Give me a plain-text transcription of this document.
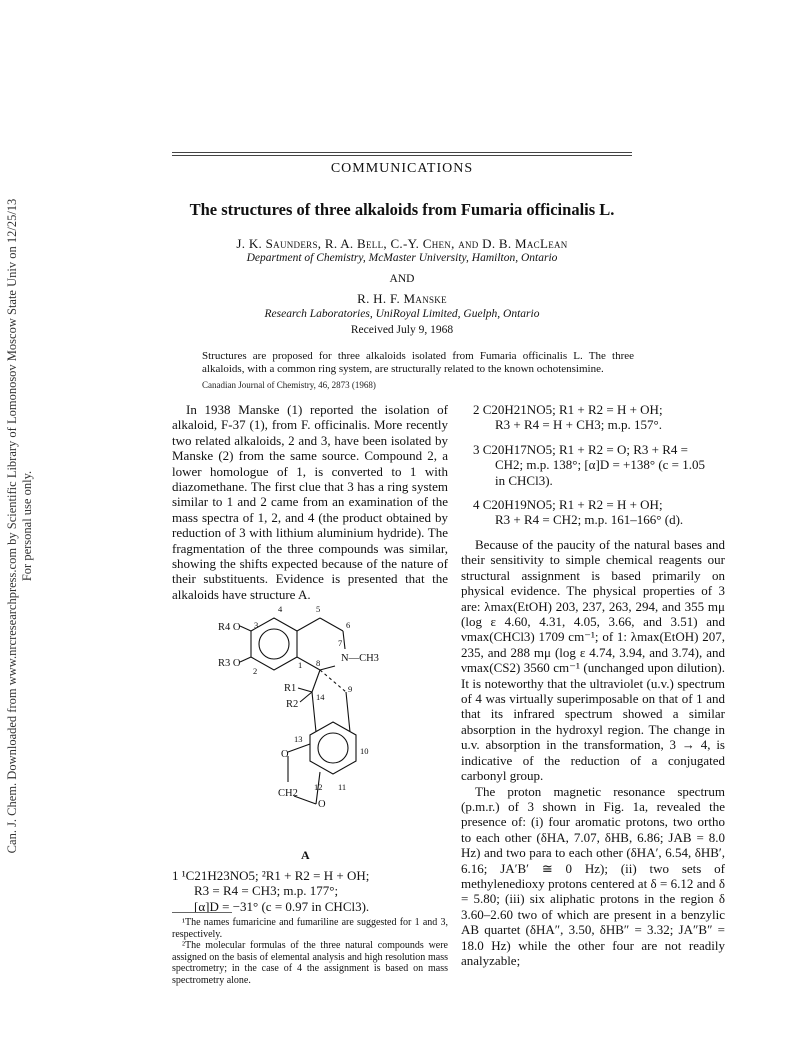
Can. J. Chem. Downloaded from www.nrcresearchpress.com by Scientific Library of Lomonosov Moscow State Univ on 12/25/13 For personal use only.
COMMUNICATIONS
The structures of three alkaloids from Fumaria officinalis L.
J. K. Saunders, R. A. Bell, C.-Y. Chen, and D. B. MacLean
Department of Chemistry, McMaster University, Hamilton, Ontario
AND
R. H. F. Manske
Research Laboratories, UniRoyal Limited, Guelph, Ontario
Received July 9, 1968
Structures are proposed for three alkaloids isolated from Fumaria officinalis L. The three alkaloids, with a common ring system, are structurally related to the known ochotensimine.
Canadian Journal of Chemistry, 46, 2873 (1968)

In 1938 Manske (1) reported the isolation of alkaloid, F-37 (1), from F. officinalis. More recently two related alkaloids, 2 and 3, have been isolated by Manske (2) from the same source. Compound 2, a lower homologue of 1, is converted to 1 with diazomethane. The first clue that 3 has a ring system similar to 1 and 2 came from an examination of the mass spectra of 1, 2, and 4 (the product obtained by reduction of 3 with lithium aluminium hydride). The fragmentation of the three compounds was similar, showing the shifts expected because of the nature of their substituents. Evidence is presented that the alkaloids have structure A.

4	5
3	6
7
8
1
2
9
14
10
11
12
13
R4 O
R3 O	N—CH3
R1
R2
O
CH2
O
A
1 ¹C21H23NO5; ²R1 + R2 = H + OH;
R3 = R4 = CH3; m.p. 177°;
[α]D = −31° (c = 0.97 in CHCl3).

¹The names fumaricine and fumariline are suggested for 1 and 3, respectively.

²The molecular formulas of the three natural compounds were assigned on the basis of elemental analysis and high resolution mass spectrometry; in the case of 4 the assignment is based on mass spectrometry alone.

2 C20H21NO5; R1 + R2 = H + OH;
R3 + R4 = H + CH3; m.p. 157°.
3 C20H17NO5; R1 + R2 = O; R3 + R4 =
CH2; m.p. 138°; [α]D = +138° (c = 1.05
in CHCl3).
4 C20H19NO5; R1 + R2 = H + OH;
R3 + R4 = CH2; m.p. 161–166° (d).

Because of the paucity of the natural bases and their sensitivity to simple chemical reagents our structural assignment is based primarily on physical evidence. The physical properties of 3 are: λmax(EtOH) 203, 237, 263, 294, and 355 mμ (log ε 4.60, 4.31, 4.05, 3.66, and 3.51) and νmax(CHCl3) 1709 cm⁻¹; of 1: λmax(EtOH) 207, 235, and 288 mμ (log ε 4.74, 3.94, and 3.74), and νmax(CS2) 3560 cm⁻¹ (unchanged upon dilution). It is noteworthy that the ultraviolet (u.v.) spectrum of 4 was virtually superimposable on that of 1 and that its infrared spectrum showed a similar absorption in the hydroxyl region. The change in u.v. absorption in the transformation, 3 → 4, is indicative of the reduction of a conjugated carbonyl group.

The proton magnetic resonance spectrum (p.m.r.) of 3 shown in Fig. 1a, revealed the presence of: (i) four aromatic protons, two ortho to each other (δHA, 7.07, δHB, 6.86; JAB = 8.0 Hz) and two para to each other (δHA′, 6.54, δHB′, 6.16; JA′B′ ≅ 0 Hz); (ii) two sets of methylenedioxy protons centered at δ = 6.12 and δ = 5.80; (iii) six aliphatic protons in the region δ 3.60–2.60 two of which are present in a benzylic AB quartet (δHA″, 3.50, δHB″ = 3.32; JA″B″ = 18.0 Hz) while the other four are not readily analyzable;
